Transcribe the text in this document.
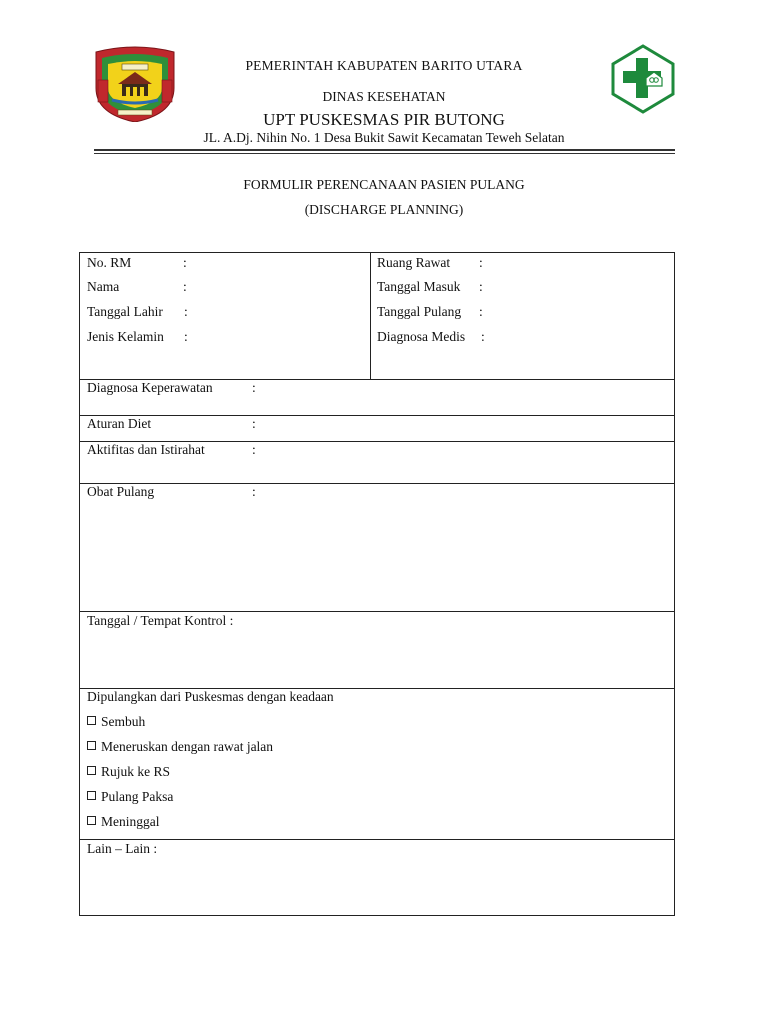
PEMERINTAH KABUPATEN BARITO UTARA
DINAS KESEHATAN
UPT PUSKESMAS PIR BUTONG
JL. A.Dj. Nihin No. 1 Desa Bukit Sawit Kecamatan Teweh Selatan
FORMULIR PERENCANAAN PASIEN PULANG
(DISCHARGE PLANNING)
No. RM	:
Nama	:
Tanggal Lahir :
Jenis Kelamin :
Ruang Rawat :
Tanggal Masuk :
Tanggal Pulang :
Diagnosa Medis :
Diagnosa Keperawatan	:
Aturan Diet	:
Aktifitas dan Istirahat	:
Obat Pulang	:
Tanggal / Tempat Kontrol :
Dipulangkan dari Puskesmas dengan keadaan
Sembuh
Meneruskan dengan rawat jalan
Rujuk ke RS
Pulang Paksa
Meninggal
Lain – Lain :
